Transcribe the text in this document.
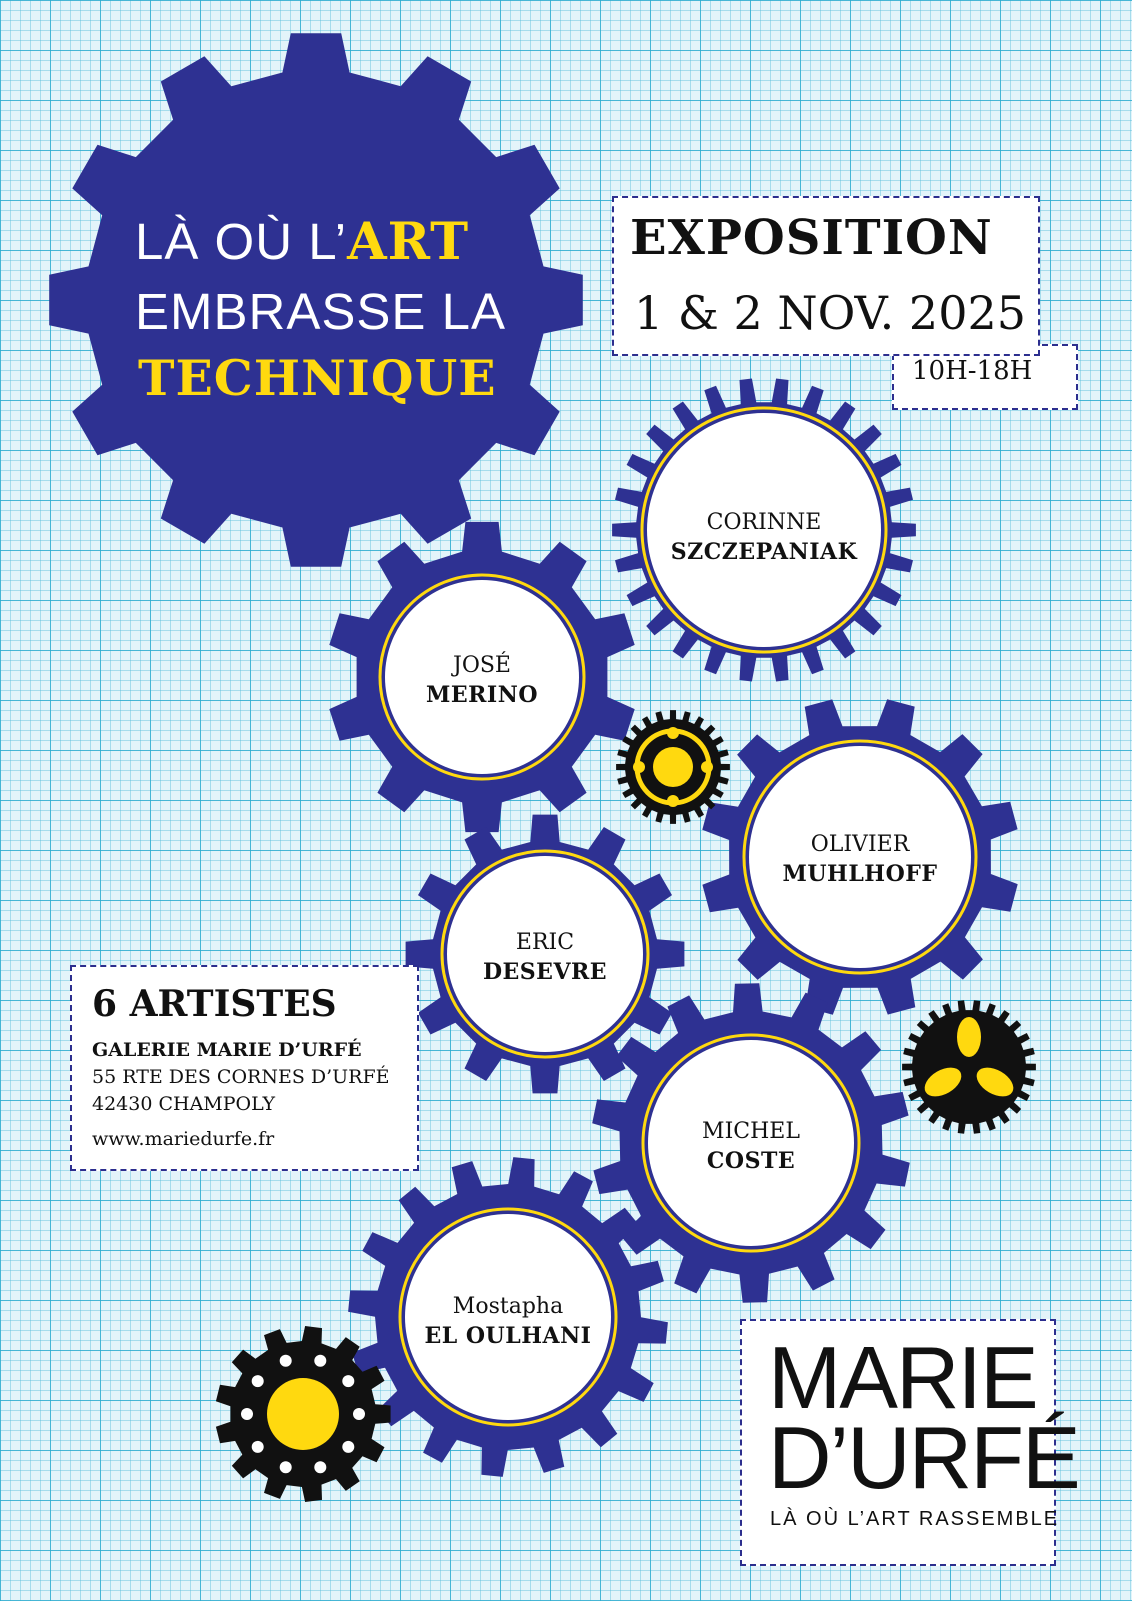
LÀ OÙ L’ART
EMBRASSE LA
TECHNIQUE
EXPOSITION
1 & 2 NOV. 2025
10H-18H
CORINNE
SZCZEPANIAK
JOSÉ
MERINO
OLIVIER
MUHLHOFF
ERIC
DESEVRE
MICHEL
COSTE
Mostapha
EL OULHANI
6 ARTISTES
GALERIE MARIE D’URFÉ
55 RTE DES CORNES D’URFÉ
42430 CHAMPOLY
www.mariedurfe.fr
MARIE
D’URFÉ
LÀ OÙ L’ART RASSEMBLE
